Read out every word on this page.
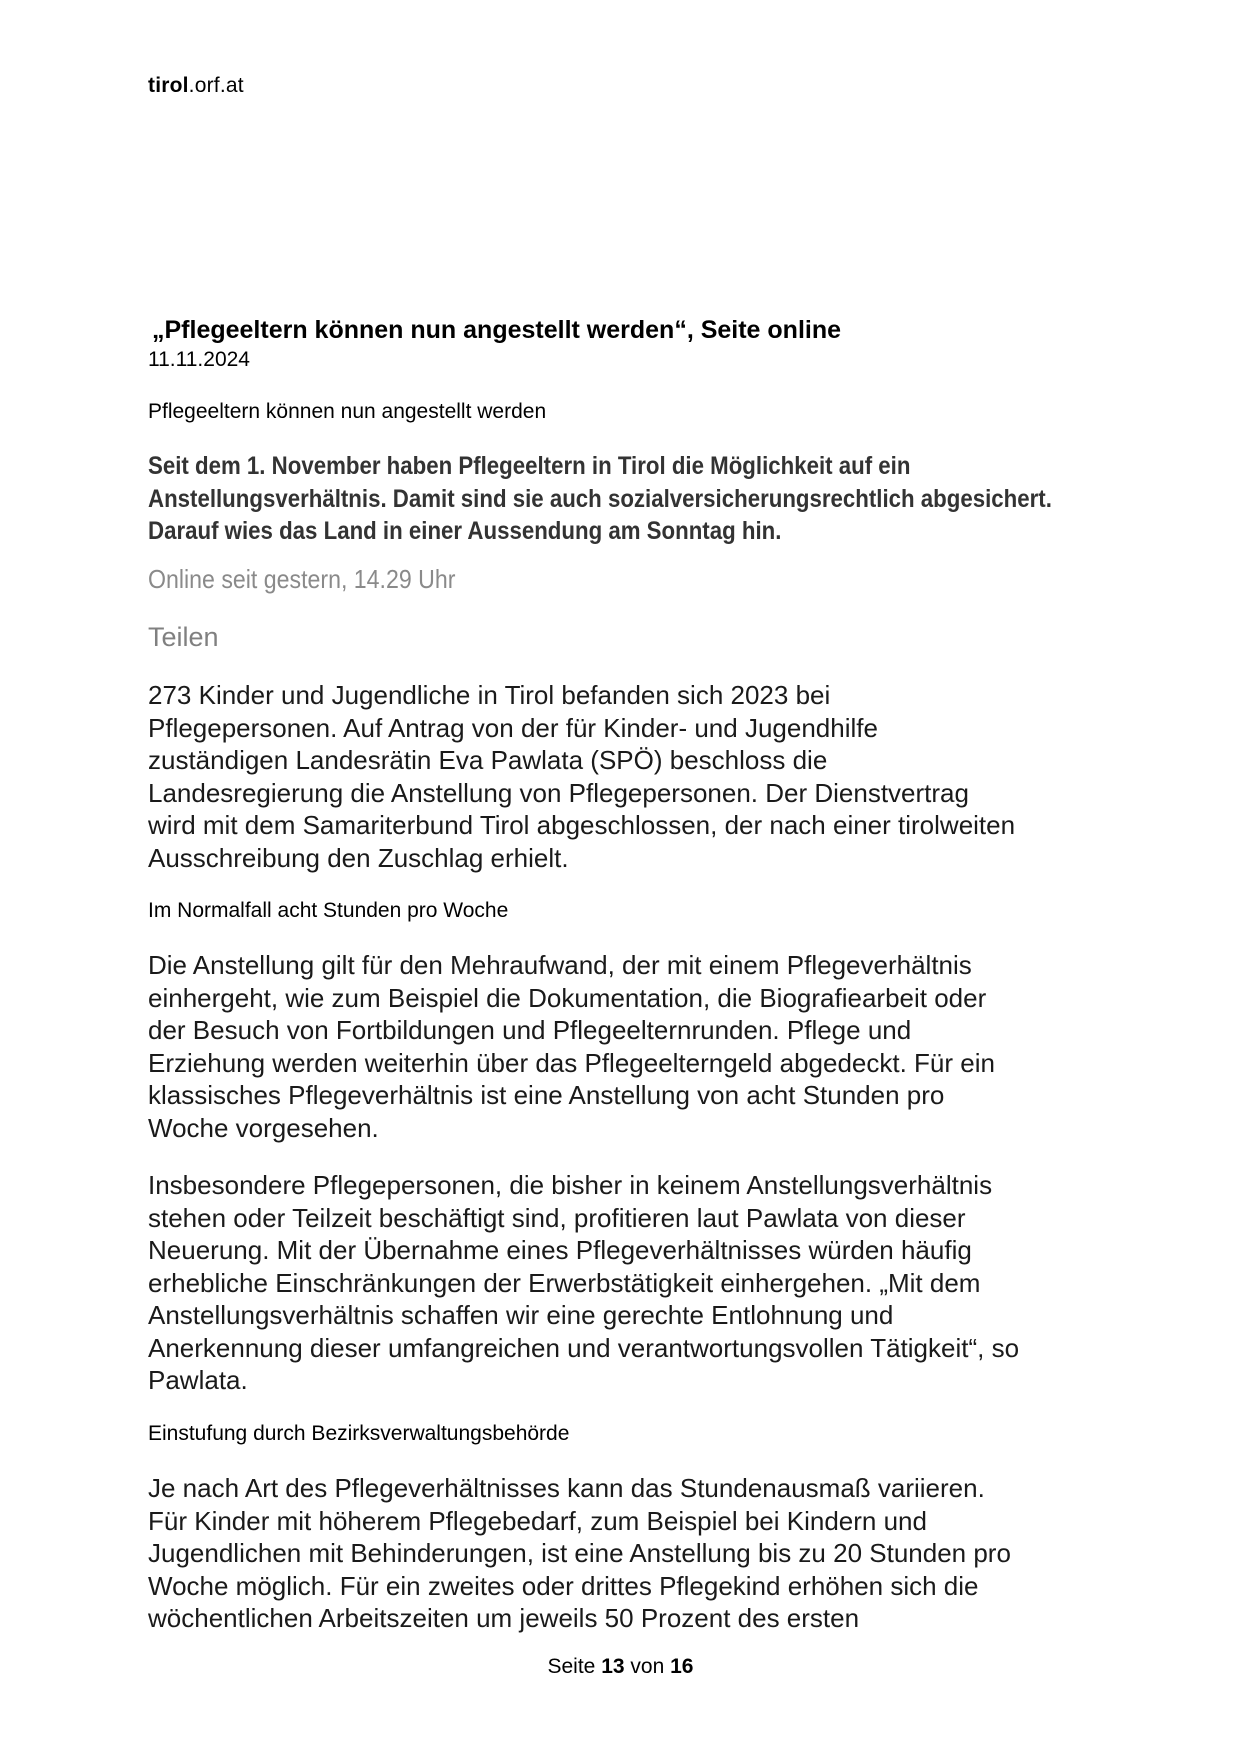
tirol.orf.at
„Pflegeeltern können nun angestellt werden“, Seite online
11.11.2024
Pflegeeltern können nun angestellt werden
Seit dem 1. November haben Pflegeeltern in Tirol die Möglichkeit auf ein
Anstellungsverhältnis. Damit sind sie auch sozialversicherungsrechtlich abgesichert.
Darauf wies das Land in einer Aussendung am Sonntag hin.
Online seit gestern, 14.29 Uhr
Teilen
273 Kinder und Jugendliche in Tirol befanden sich 2023 bei
Pflegepersonen. Auf Antrag von der für Kinder- und Jugendhilfe
zuständigen Landesrätin Eva Pawlata (SPÖ) beschloss die
Landesregierung die Anstellung von Pflegepersonen. Der Dienstvertrag
wird mit dem Samariterbund Tirol abgeschlossen, der nach einer tirolweiten
Ausschreibung den Zuschlag erhielt.
Im Normalfall acht Stunden pro Woche
Die Anstellung gilt für den Mehraufwand, der mit einem Pflegeverhältnis
einhergeht, wie zum Beispiel die Dokumentation, die Biografiearbeit oder
der Besuch von Fortbildungen und Pflegeelternrunden. Pflege und
Erziehung werden weiterhin über das Pflegeelterngeld abgedeckt. Für ein
klassisches Pflegeverhältnis ist eine Anstellung von acht Stunden pro
Woche vorgesehen.
Insbesondere Pflegepersonen, die bisher in keinem Anstellungsverhältnis
stehen oder Teilzeit beschäftigt sind, profitieren laut Pawlata von dieser
Neuerung. Mit der Übernahme eines Pflegeverhältnisses würden häufig
erhebliche Einschränkungen der Erwerbstätigkeit einhergehen. „Mit dem
Anstellungsverhältnis schaffen wir eine gerechte Entlohnung und
Anerkennung dieser umfangreichen und verantwortungsvollen Tätigkeit“, so
Pawlata.
Einstufung durch Bezirksverwaltungsbehörde
Je nach Art des Pflegeverhältnisses kann das Stundenausmaß variieren.
Für Kinder mit höherem Pflegebedarf, zum Beispiel bei Kindern und
Jugendlichen mit Behinderungen, ist eine Anstellung bis zu 20 Stunden pro
Woche möglich. Für ein zweites oder drittes Pflegekind erhöhen sich die
wöchentlichen Arbeitszeiten um jeweils 50 Prozent des ersten
Seite 13 von 16
